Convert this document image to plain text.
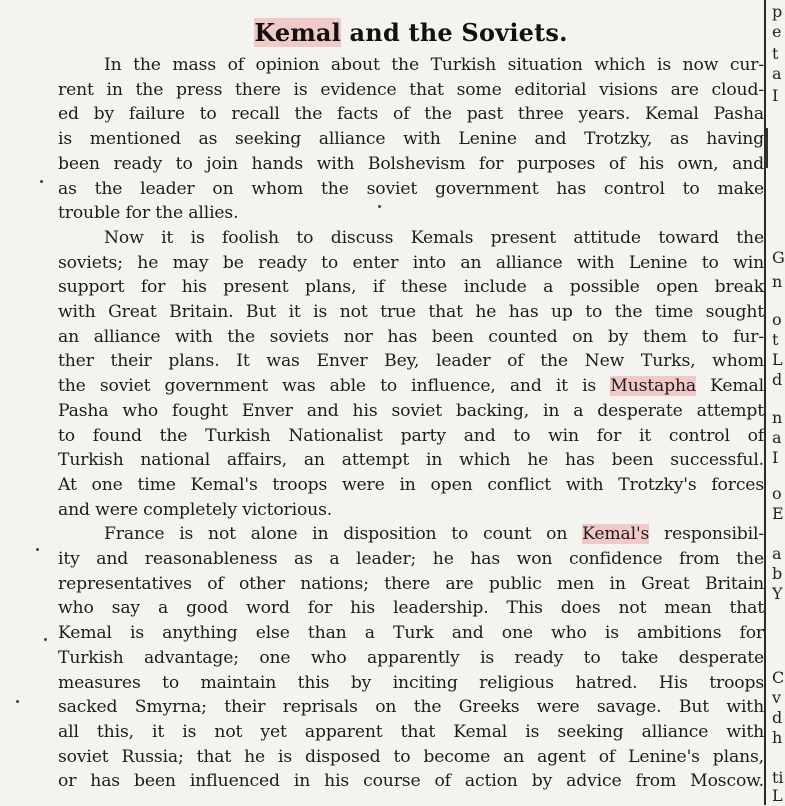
Kemal and the Soviets.
In the mass of opinion about the Turkish situation which is now cur-
rent in the press there is evidence that some editorial visions are cloud-
ed by failure to recall the facts of the past three years. Kemal Pasha
is mentioned as seeking alliance with Lenine and Trotzky, as having
been ready to join hands with Bolshevism for purposes of his own, and
as the leader on whom the soviet government has control to make
trouble for the allies.
Now it is foolish to discuss Kemals present attitude toward the
soviets; he may be ready to enter into an alliance with Lenine to win
support for his present plans, if these include a possible open break
with Great Britain. But it is not true that he has up to the time sought
an alliance with the soviets nor has been counted on by them to fur-
ther their plans. It was Enver Bey, leader of the New Turks, whom
the soviet government was able to influence, and it is Mustapha Kemal
Pasha who fought Enver and his soviet backing, in a desperate attempt
to found the Turkish Nationalist party and to win for it control of
Turkish national affairs, an attempt in which he has been successful.
At one time Kemal's troops were in open conflict with Trotzky's forces
and were completely victorious.
France is not alone in disposition to count on Kemal's responsibil-
ity and reasonableness as a leader; he has won confidence from the
representatives of other nations; there are public men in Great Britain
who say a good word for his leadership. This does not mean that
Kemal is anything else than a Turk and one who is ambitions for
Turkish advantage; one who apparently is ready to take desperate
measures to maintain this by inciting religious hatred. His troops
sacked Smyrna; their reprisals on the Greeks were savage. But with
all this, it is not yet apparent that Kemal is seeking alliance with
soviet Russia; that he is disposed to become an agent of Lenine's plans,
or has been influenced in his course of action by advice from Moscow.
p
e
t
a
I
G
n
o
t
L
d
n
a
I
o
E
a
b
Y
C
v
d
h
ti
L
